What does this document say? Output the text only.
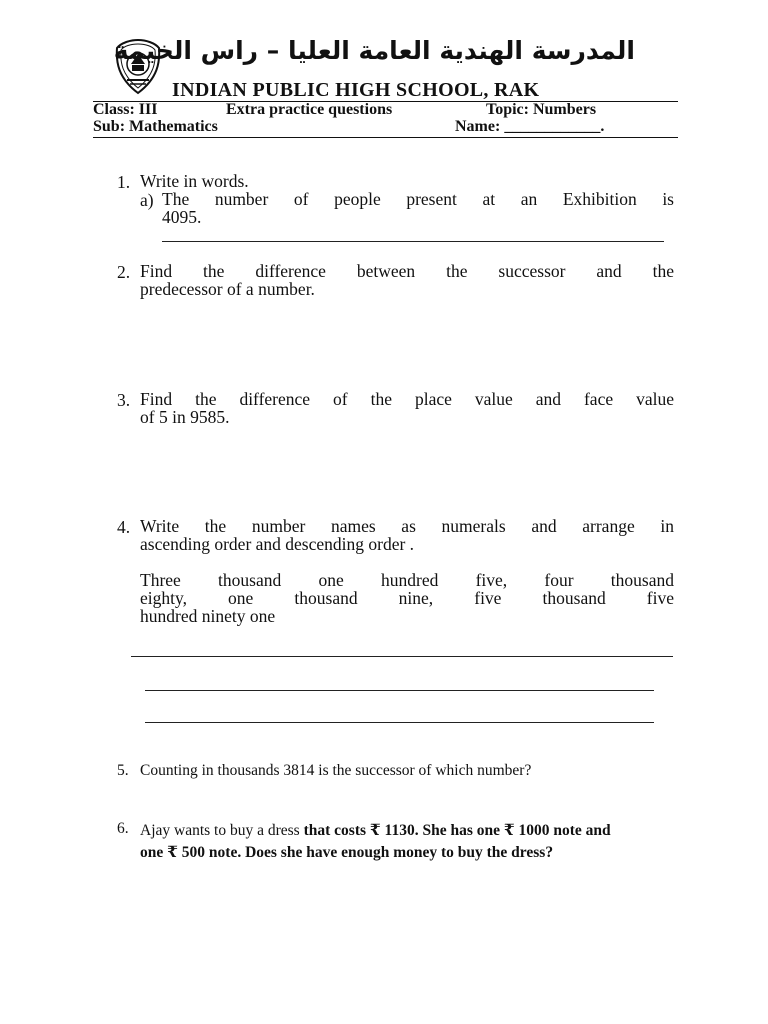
المدرسة الهندية العامة العليا – راس الخيمة
INDIAN PUBLIC HIGH SCHOOL, RAK
Class: III	Extra practice questions	Topic: Numbers
Sub: Mathematics	Name: ____________.
1. Write in words.
a) The number of people present at an Exhibition is
4095.
2. Find the difference between the successor and the
predecessor of a number.
3. Find the difference of the place value and face value
of 5 in 9585.
4. Write the number names as numerals and arrange in
ascending order and descending order .
Three thousand one hundred five, four thousand
eighty, one thousand nine, five thousand five
hundred ninety one
5. Counting in thousands 3814 is the successor of which number?
6. Ajay wants to buy a dress that costs ₹ 1130. She has one ₹ 1000 note and
one ₹ 500 note. Does she have enough money to buy the dress?
